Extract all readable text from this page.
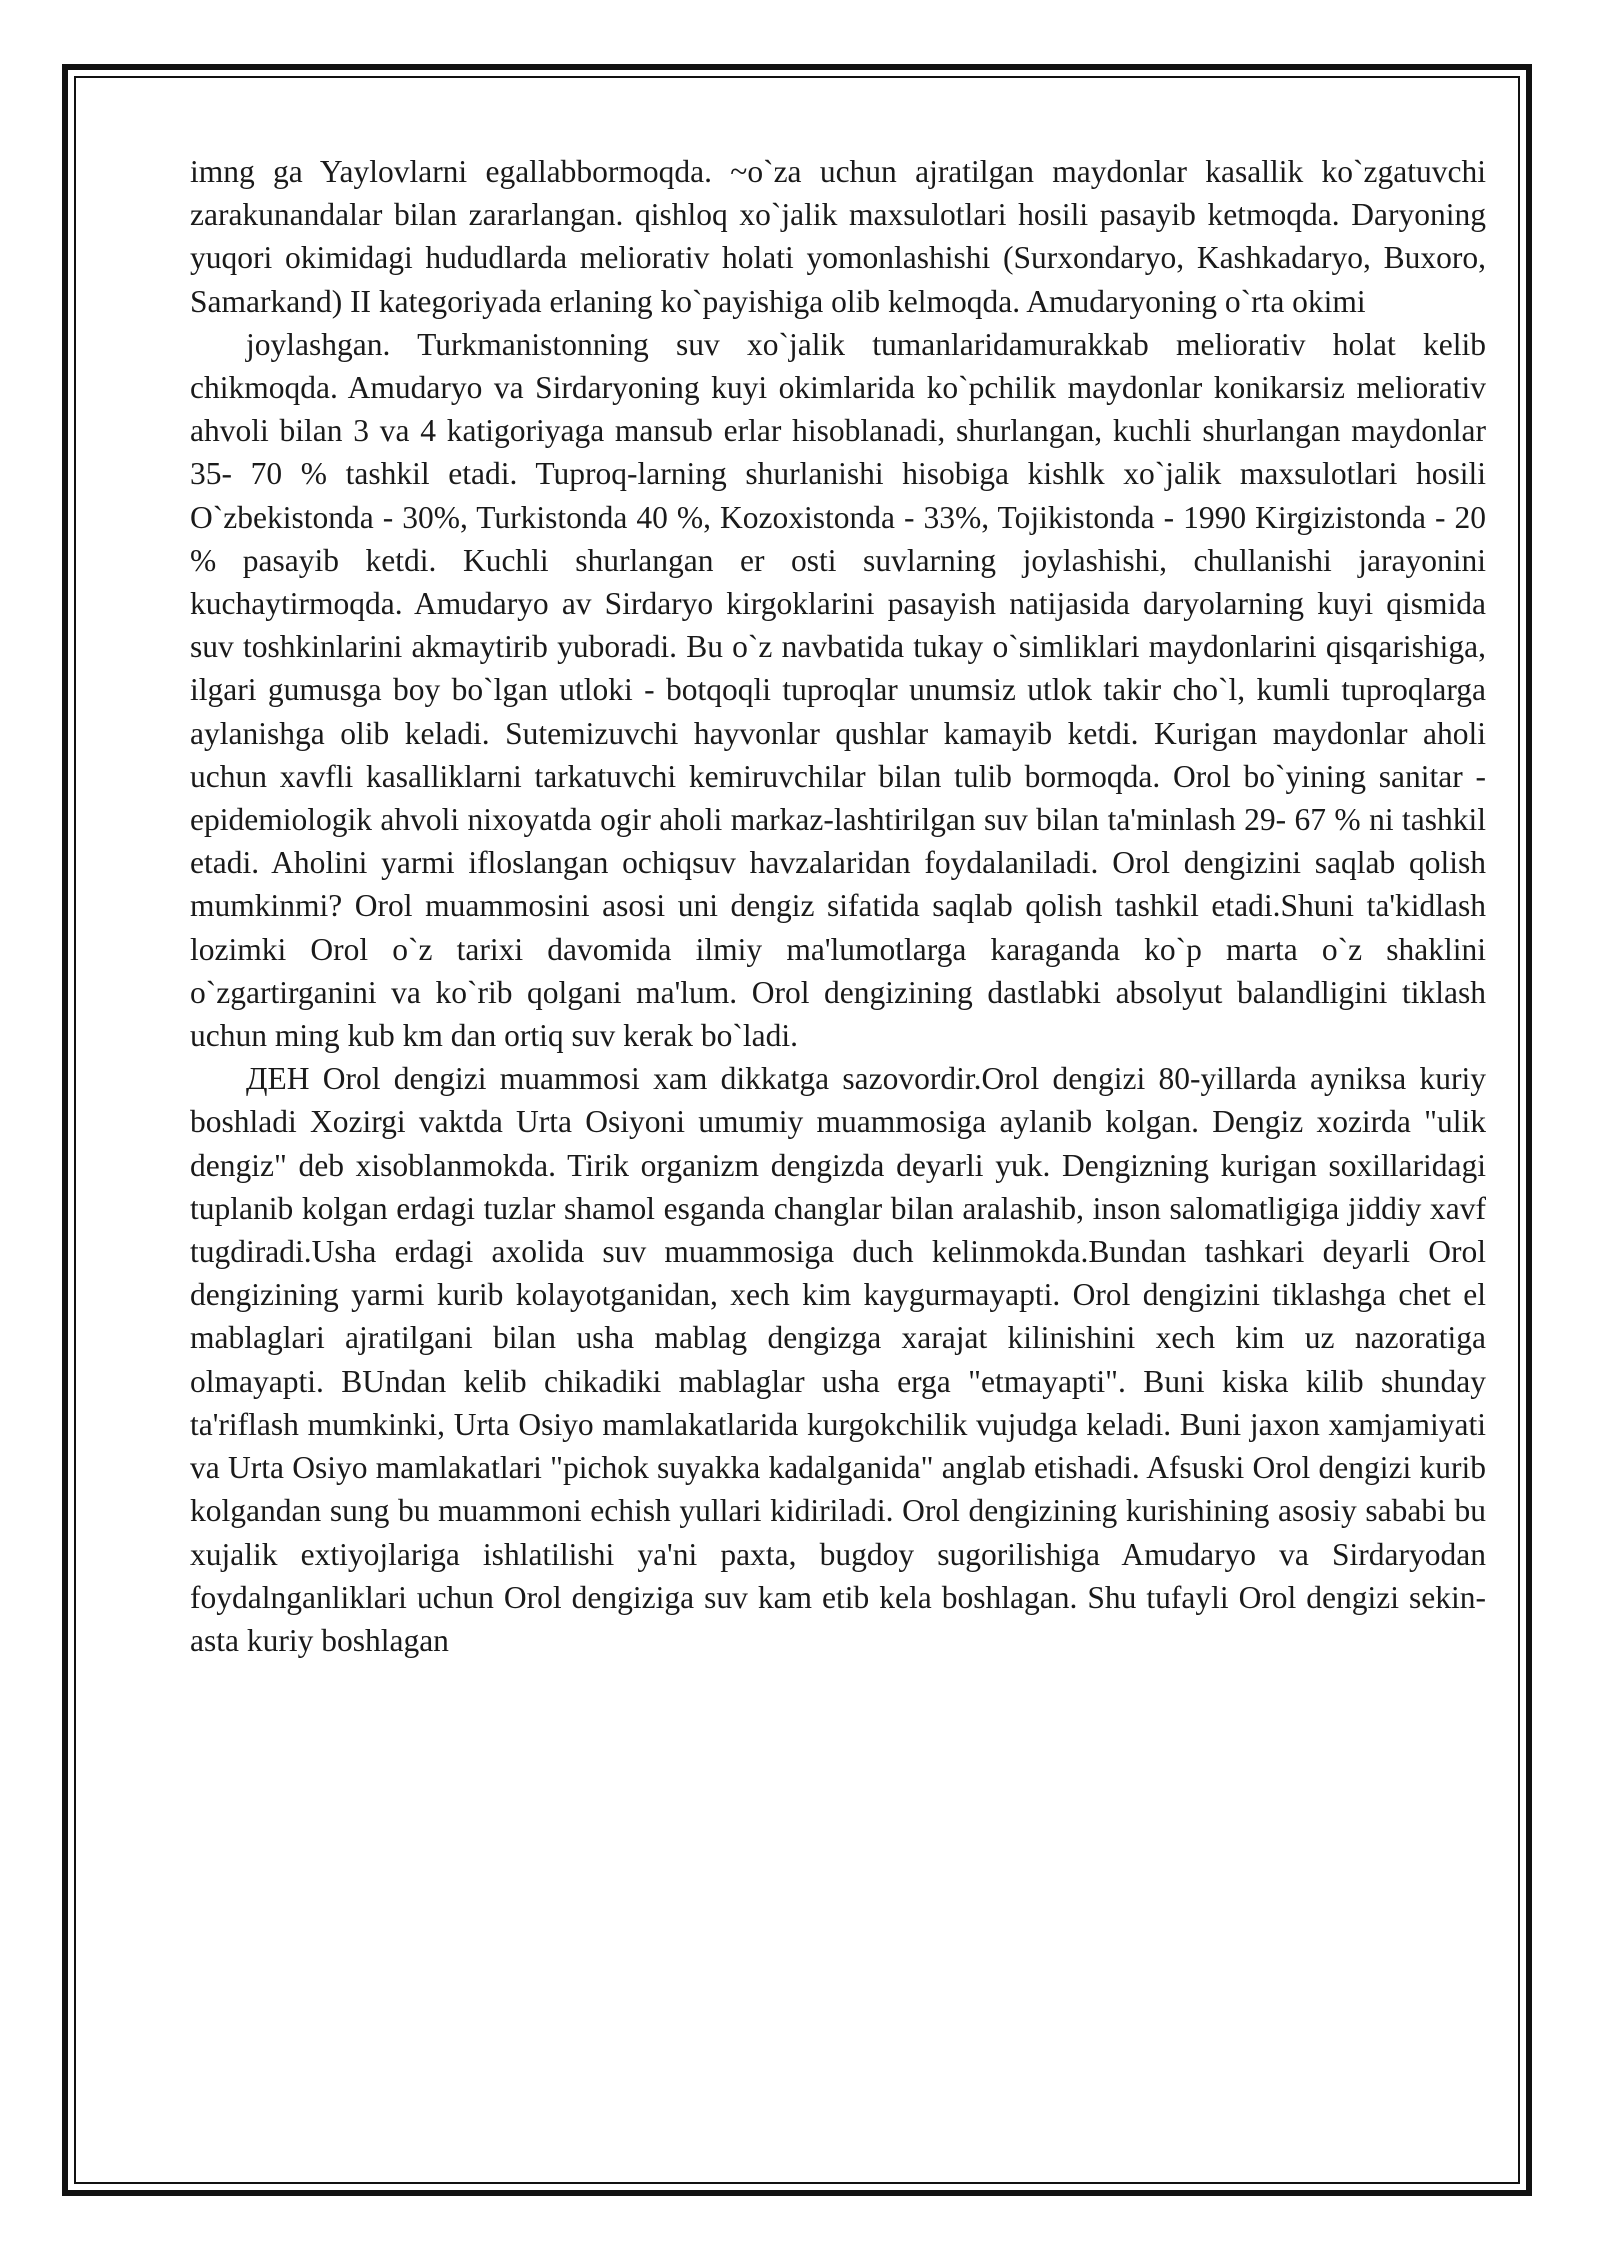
imng ga Yaylovlarni egallabbormoqda. ~o`za uchun ajratilgan maydonlar kasallik ko`zgatuvchi zarakunandalar bilan zararlangan. qishloq xo`jalik maxsulotlari hosili pasayib ketmoqda. Daryoning yuqori okimidagi hududlarda meliorativ holati yomonlashishi (Surxondaryo, Kashkadaryo, Buxoro, Samarkand) II kategoriyada erlaning ko`payishiga olib kelmoqda. Amudaryoning o`rta okimi

joylashgan. Turkmanistonning suv xo`jalik tumanlaridamurakkab meliorativ holat kelib chikmoqda. Amudaryo va Sirdaryoning kuyi okimlarida ko`pchilik maydonlar konikarsiz meliorativ ahvoli bilan 3 va 4 katigoriyaga mansub erlar hisoblanadi, shurlangan, kuchli shurlangan maydonlar 35- 70 % tashkil etadi. Tuproq-larning shurlanishi hisobiga kishlk xo`jalik maxsulotlari hosili O`zbekistonda - 30%, Turkistonda 40 %, Kozoxistonda - 33%, Tojikistonda - 1990 Kirgizistonda - 20 % pasayib ketdi. Kuchli shurlangan er osti suvlarning joylashishi, chullanishi jarayonini kuchaytirmoqda. Amudaryo av Sirdaryo kirgoklarini pasayish natijasida daryolarning kuyi qismida suv toshkinlarini akmaytirib yuboradi. Bu o`z navbatida tukay o`simliklari maydonlarini qisqarishiga, ilgari gumusga boy bo`lgan utloki - botqoqli tuproqlar unumsiz utlok takir cho`l, kumli tuproqlarga aylanishga olib keladi. Sutemizuvchi hayvonlar qushlar kamayib ketdi. Kurigan maydonlar aholi uchun xavfli kasalliklarni tarkatuvchi kemiruvchilar bilan tulib bormoqda. Orol bo`yining sanitar - epidemiologik ahvoli nixoyatda ogir aholi markaz-lashtirilgan suv bilan ta'minlash 29- 67 % ni tashkil etadi. Aholini yarmi ifloslangan ochiqsuv havzalaridan foydalaniladi. Orol dengizini saqlab qolish mumkinmi? Orol muammosini asosi uni dengiz sifatida saqlab qolish tashkil etadi.Shuni ta'kidlash lozimki Orol o`z tarixi davomida ilmiy ma'lumotlarga karaganda ko`p marta o`z shaklini o`zgartirganini va ko`rib qolgani ma'lum. Orol dengizining dastlabki absolyut balandligini tiklash uchun ming kub km dan ortiq suv kerak bo`ladi.

ДЕН Orol dengizi muammosi xam dikkatga sazovordir.Orol dengizi 80-yillarda ayniksa kuriy boshladi Xozirgi vaktda Urta Osiyoni umumiy muammosiga aylanib kolgan. Dengiz xozirda "ulik dengiz" deb xisoblanmokda. Tirik organizm dengizda deyarli yuk. Dengizning kurigan soxillaridagi tuplanib kolgan erdagi tuzlar shamol esganda changlar bilan aralashib, inson salomatligiga jiddiy xavf tugdiradi.Usha erdagi axolida suv muammosiga duch kelinmokda.Bundan tashkari deyarli Orol dengizining yarmi kurib kolayotganidan, xech kim kaygurmayapti. Orol dengizini tiklashga chet el mablaglari ajratilgani bilan usha mablag dengizga xarajat kilinishini xech kim uz nazoratiga olmayapti. BUndan kelib chikadiki mablaglar usha erga "etmayapti". Buni kiska kilib shunday ta'riflash mumkinki, Urta Osiyo mamlakatlarida kurgokchilik vujudga keladi. Buni jaxon xamjamiyati va Urta Osiyo mamlakatlari "pichok suyakka kadalganida" anglab etishadi. Afsuski Orol dengizi kurib kolgandan sung bu muammoni echish yullari kidiriladi. Orol dengizining kurishining asosiy sababi bu xujalik extiyojlariga ishlatilishi ya'ni paxta, bugdoy sugorilishiga Amudaryo va Sirdaryodan foydalnganliklari uchun Orol dengiziga suv kam etib kela boshlagan. Shu tufayli Orol dengizi sekin-asta kuriy boshlagan
